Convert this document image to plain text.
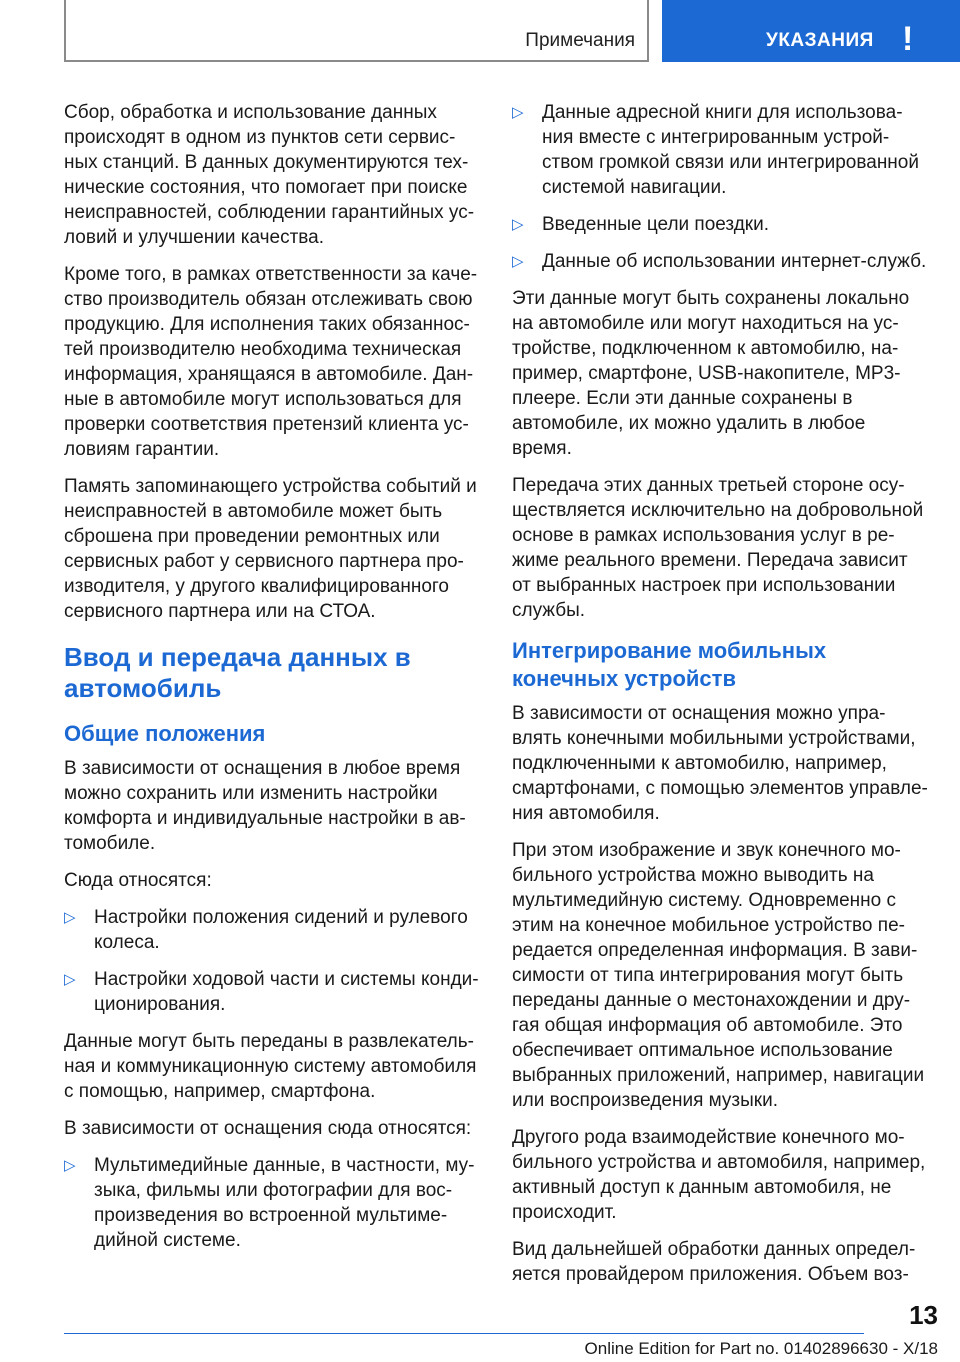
Примечания	УКАЗАНИЯ !

Сбор, обработка и использование данных происходят в одном из пунктов сети сервис-ных станций. В данных документируются тех-нические состояния, что помогает при поиске неисправностей, соблюдении гарантийных ус-ловий и улучшении качества.

Кроме того, в рамках ответственности за каче-ство производитель обязан отслеживать свою продукцию. Для исполнения таких обязаннос-тей производителю необходима техническая информация, хранящаяся в автомобиле. Дан-ные в автомобиле могут использоваться для проверки соответствия претензий клиента ус-ловиям гарантии.

Память запоминающего устройства событий и неисправностей в автомобиле может быть сброшена при проведении ремонтных или сервисных работ у сервисного партнера про-изводителя, у другого квалифицированного сервисного партнера или на СТОА.

Ввод и передача данных в автомобиль
Общие положения

В зависимости от оснащения в любое время можно сохранить или изменить настройки комфорта и индивидуальные настройки в ав-томобиле.

Сюда относятся:

▷ Настройки положения сидений и рулевого колеса.
▷ Настройки ходовой части и системы конди-ционирования.

Данные могут быть переданы в развлекатель-ная и коммуникационную систему автомобиля с помощью, например, смартфона.

В зависимости от оснащения сюда относятся:

▷ Мультимедийные данные, в частности, му-зыка, фильмы или фотографии для вос-произведения во встроенной мультиме-дийной системе.
▷ Данные адресной книги для использова-ния вместе с интегрированным устрой-ством громкой связи или интегрированной системой навигации.
▷ Введенные цели поездки.
▷ Данные об использовании интернет-служб.

Эти данные могут быть сохранены локально на автомобиле или могут находиться на ус-тройстве, подключенном к автомобилю, на-пример, смартфоне, USB-накопителе, MP3-плеере. Если эти данные сохранены в автомобиле, их можно удалить в любое время.

Передача этих данных третьей стороне осу-ществляется исключительно на добровольной основе в рамках использования услуг в ре-жиме реального времени. Передача зависит от выбранных настроек при использовании службы.

Интегрирование мобильных конечных устройств

В зависимости от оснащения можно упра-влять конечными мобильными устройствами, подключенными к автомобилю, например, смартфонами, с помощью элементов управле-ния автомобиля.

При этом изображение и звук конечного мо-бильного устройства можно выводить на мультимедийную систему. Одновременно с этим на конечное мобильное устройство пе-редается определенная информация. В зави-симости от типа интегрирования могут быть переданы данные о местонахождении и дру-гая общая информация об автомобиле. Это обеспечивает оптимальное использование выбранных приложений, например, навигации или воспроизведения музыки.

Другого рода взаимодействие конечного мо-бильного устройства и автомобиля, например, активный доступ к данным автомобиля, не происходит.

Вид дальнейшей обработки данных определ-яется провайдером приложения. Объем воз-

13
Online Edition for Part no. 01402896630 - X/18
